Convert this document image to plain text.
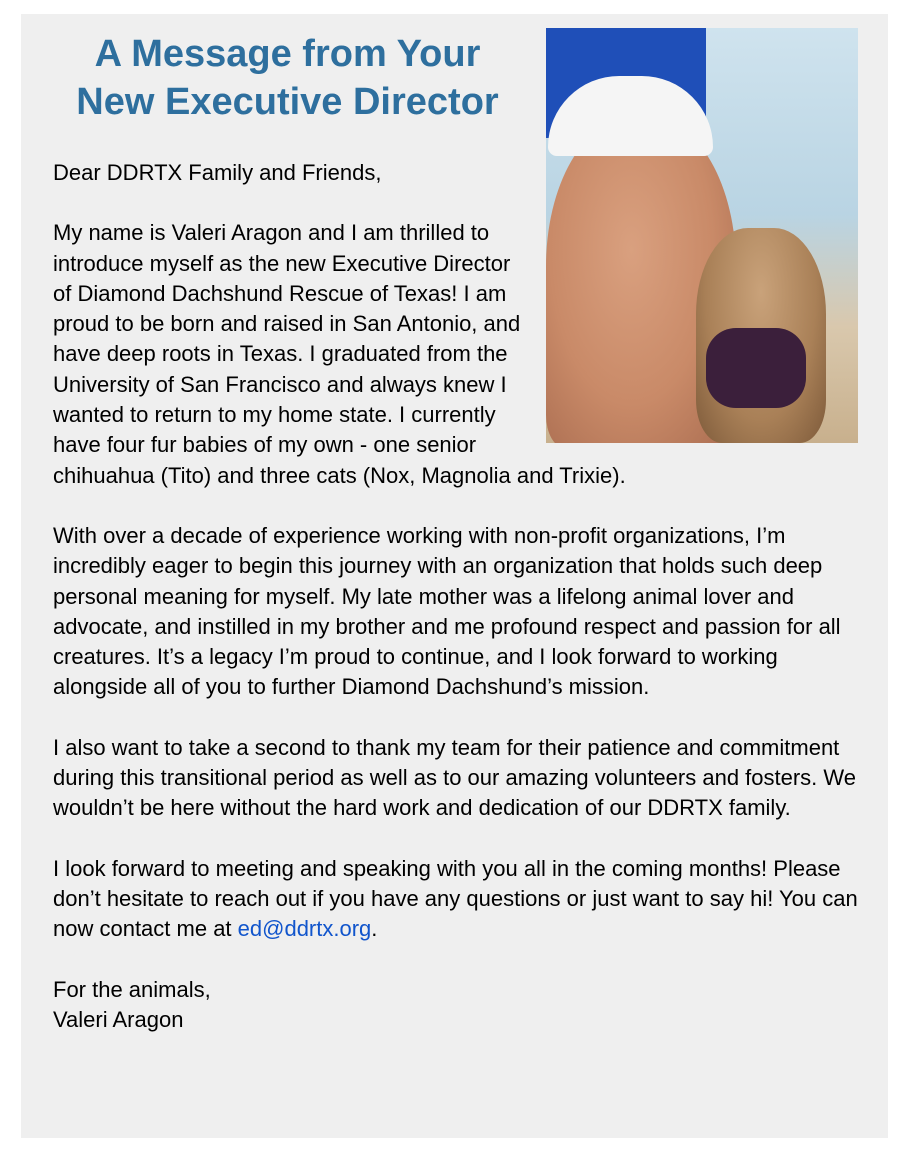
A Message from Your
New Executive Director

Dear DDRTX Family and Friends,

My name is Valeri Aragon and I am thrilled to introduce myself as the new Executive Director of Diamond Dachshund Rescue of Texas! I am proud to be born and raised in San Antonio, and have deep roots in Texas. I graduated from the University of San Francisco and always knew I wanted to return to my home state. I currently have four fur babies of my own - one senior chihuahua (Tito) and three cats (Nox, Magnolia and Trixie).

With over a decade of experience working with non-profit organizations, I’m incredibly eager to begin this journey with an organization that holds such deep personal meaning for myself. My late mother was a lifelong animal lover and advocate, and instilled in my brother and me profound respect and passion for all creatures. It’s a legacy I’m proud to continue, and I look forward to working alongside all of you to further Diamond Dachshund’s mission.

I also want to take a second to thank my team for their patience and commitment during this transitional period as well as to our amazing volunteers and fosters. We wouldn’t be here without the hard work and dedication of our DDRTX family.

I look forward to meeting and speaking with you all in the coming months! Please don’t hesitate to reach out if you have any questions or just want to say hi! You can now contact me at ed@ddrtx.org.

For the animals,
Valeri Aragon
